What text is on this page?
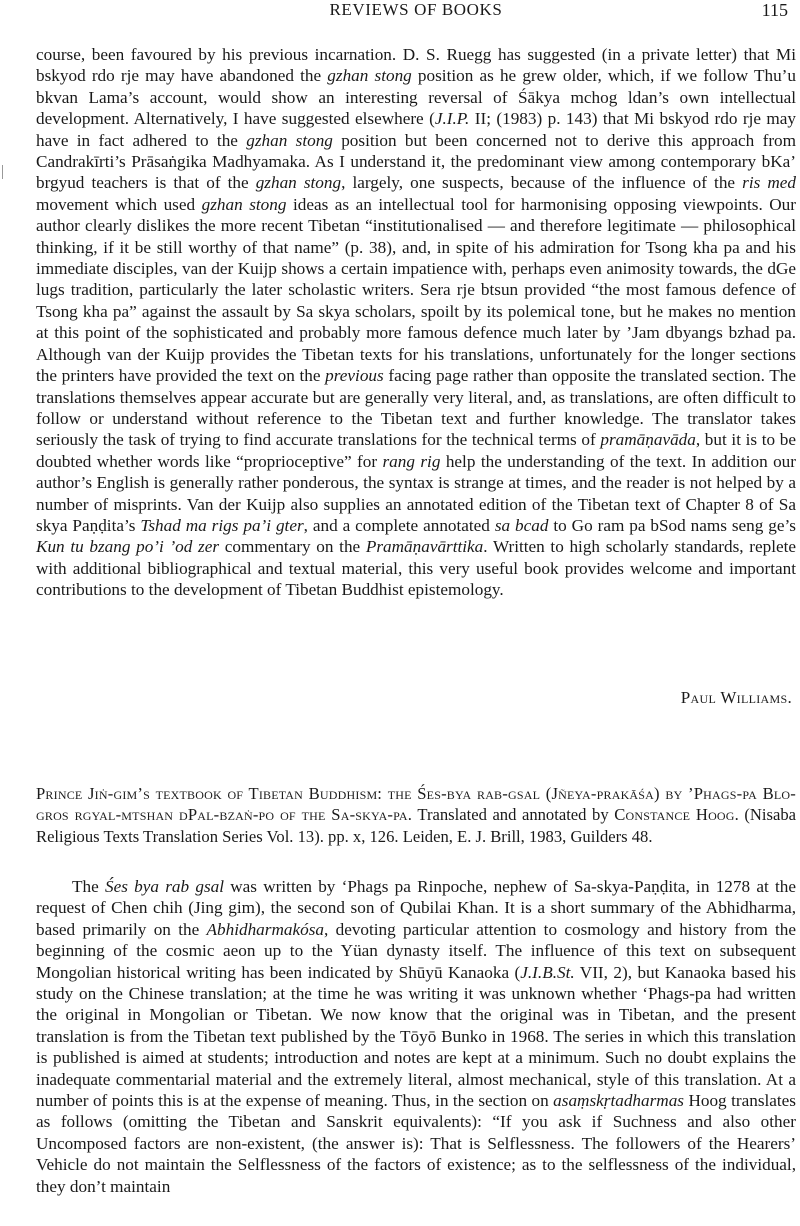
REVIEWS OF BOOKS	115
course, been favoured by his previous incarnation. D. S. Ruegg has suggested (in a private letter) that Mi bskyod rdo rje may have abandoned the gzhan stong position as he grew older, which, if we follow Thu’u bkvan Lama’s account, would show an interesting reversal of Śākya mchog ldan’s own intellectual development. Alternatively, I have suggested elsewhere (J.I.P. II; (1983) p. 143) that Mi bskyod rdo rje may have in fact adhered to the gzhan stong position but been concerned not to derive this approach from Candrakīrti’s Prāsaṅgika Madhyamaka. As I understand it, the predominant view among contemporary bKa’ brgyud teachers is that of the gzhan stong, largely, one suspects, because of the influence of the ris med movement which used gzhan stong ideas as an intellectual tool for harmonising opposing viewpoints. Our author clearly dislikes the more recent Tibetan “institutionalised — and therefore legitimate — philosophical thinking, if it be still worthy of that name” (p. 38), and, in spite of his admiration for Tsong kha pa and his immediate disciples, van der Kuijp shows a certain impatience with, perhaps even animosity towards, the dGe lugs tradition, particularly the later scholastic writers. Sera rje btsun provided “the most famous defence of Tsong kha pa” against the assault by Sa skya scholars, spoilt by its polemical tone, but he makes no mention at this point of the sophisticated and probably more famous defence much later by ’Jam dbyangs bzhad pa. Although van der Kuijp provides the Tibetan texts for his translations, unfortunately for the longer sections the printers have provided the text on the previous facing page rather than opposite the translated section. The translations themselves appear accurate but are generally very literal, and, as translations, are often difficult to follow or understand without reference to the Tibetan text and further knowledge. The translator takes seriously the task of trying to find accurate translations for the technical terms of pramāṇavāda, but it is to be doubted whether words like “proprioceptive” for rang rig help the understanding of the text. In addition our author’s English is generally rather ponderous, the syntax is strange at times, and the reader is not helped by a number of misprints. Van der Kuijp also supplies an annotated edition of the Tibetan text of Chapter 8 of Sa skya Paṇḍita’s Tshad ma rigs pa’i gter, and a complete annotated sa bcad to Go ram pa bSod nams seng ge’s Kun tu bzang po’i ’od zer commentary on the Pramāṇavārttika. Written to high scholarly standards, replete with additional bibliographical and textual material, this very useful book provides welcome and important contributions to the development of Tibetan Buddhist epistemology.
Paul Williams.
Prince Jiṅ-gim’s textbook of Tibetan Buddhism: the Śes-bya rab-gsal (Jñeya-prakāśa) by ’Phags-pa Blo-gros rgyal-mtshan dPal-bzaṅ-po of the Sa-skya-pa. Translated and annotated by Constance Hoog. (Nisaba Religious Texts Translation Series Vol. 13). pp. x, 126. Leiden, E. J. Brill, 1983, Guilders 48.
The Śes bya rab gsal was written by ‘Phags pa Rinpoche, nephew of Sa-skya-Paṇḍita, in 1278 at the request of Chen chih (Jing gim), the second son of Qubilai Khan. It is a short summary of the Abhidharma, based primarily on the Abhidharmakósa, devoting particular attention to cosmology and history from the beginning of the cosmic aeon up to the Yüan dynasty itself. The influence of this text on subsequent Mongolian historical writing has been indicated by Shūyū Kanaoka (J.I.B.St. VII, 2), but Kanaoka based his study on the Chinese translation; at the time he was writing it was unknown whether ‘Phags-pa had written the original in Mongolian or Tibetan. We now know that the original was in Tibetan, and the present translation is from the Tibetan text published by the Tōyō Bunko in 1968. The series in which this translation is published is aimed at students; introduction and notes are kept at a minimum. Such no doubt explains the inadequate commentarial material and the extremely literal, almost mechanical, style of this translation. At a number of points this is at the expense of meaning. Thus, in the section on asaṃskṛtadharmas Hoog translates as follows (omitting the Tibetan and Sanskrit equivalents): “If you ask if Suchness and also other Uncomposed factors are non-existent, (the answer is): That is Selflessness. The followers of the Hearers’ Vehicle do not maintain the Selflessness of the factors of existence; as to the selflessness of the individual, they don’t maintain
